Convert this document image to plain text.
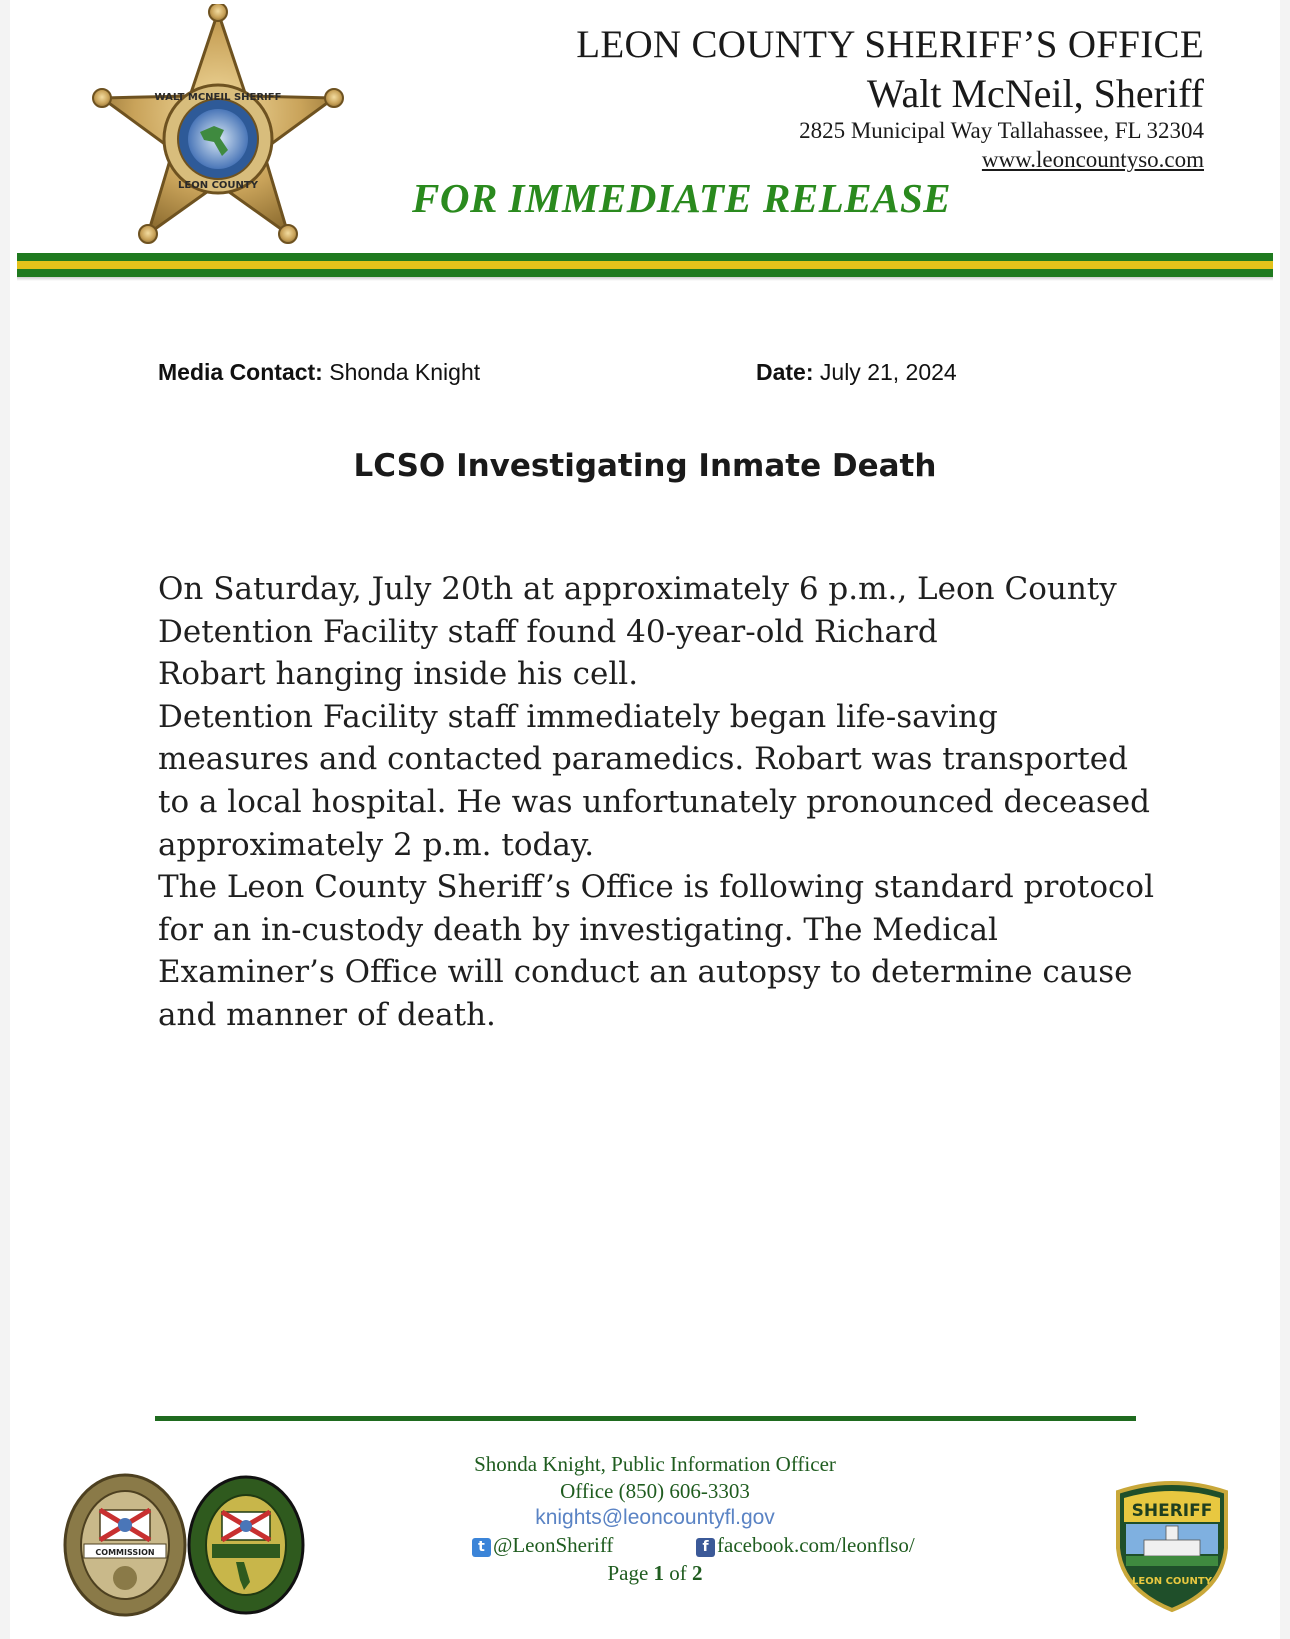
WALT MCNEIL SHERIFF
LEON COUNTY
LEON COUNTY SHERIFF’S OFFICE
Walt McNeil, Sheriff
2825 Municipal Way Tallahassee, FL 32304
www.leoncountyso.com
FOR IMMEDIATE RELEASE
Media Contact: Shonda Knight	Date: July 21, 2024
LCSO Investigating Inmate Death
On Saturday, July 20th at approximately 6 p.m., Leon County
Detention Facility staff found 40-year-old Richard
Robart hanging inside his cell.
Detention Facility staff immediately began life-saving
measures and contacted paramedics. Robart was transported
to a local hospital. He was unfortunately pronounced deceased
approximately 2 p.m. today.
The Leon County Sheriff’s Office is following standard protocol
for an in-custody death by investigating. The Medical
Examiner’s Office will conduct an autopsy to determine cause
and manner of death.
COMMISSION
Shonda Knight, Public Information Officer
Office (850) 606-3303
knights@leoncountyfl.gov
t @LeonSheriff	f facebook.com/leonflso/
Page 1 of 2
SHERIFF
LEON COUNTY
